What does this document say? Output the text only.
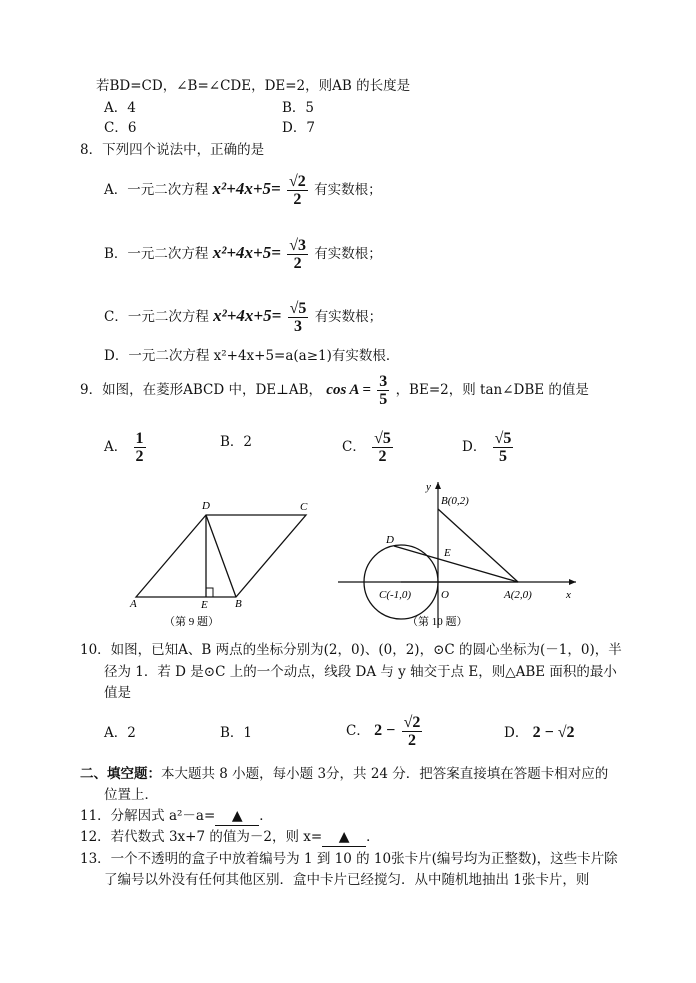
若BD=CD，∠B=∠CDE，DE=2，则AB 的长度是
A．4	B．5
C．6	D．7
8．下列四个说法中，正确的是
A．一元二次方程 $x^2+4x+5= \frac{√2}{2}$ 有实数根；
B．一元二次方程 $x^2+4x+5= \frac{√3}{2}$ 有实数根；
C．一元二次方程 $x^2+4x+5= \frac{√5}{3}$ 有实数根；
D．一元二次方程 x²+4x+5=a(a≥1)有实数根．
9．如图，在菱形ABCD 中，DE⊥AB， $\cos A = \frac{3}{5}$ ，BE=2，则 tan∠DBE 的值是
A． $\frac{1}{2}$	B．2	C． $\frac{√5}{2}$	D． $\frac{√5}{5}$
A	E B
D	C
（第 9 题）
y
B(0,2)
D
E
C(-1,0)	O	A(2,0)	x
（第 10 题）
10．如图，已知A、B 两点的坐标分别为(2，0)、(0，2)，⊙C 的圆心坐标为(－1，0)，半
径为 1．若 D 是⊙C 上的一个动点，线段 DA 与 y 轴交于点 E，则△ABE 面积的最小
值是
A．2	B．1	C． $2 - \frac{√2}{2}$	D． 2 − √2
二、填空题：本大题共 8 小题，每小题 3分，共 24 分．把答案直接填在答题卡相对应的
位置上．
11．分解因式 a²－a= ▲ ．
12．若代数式 3x+7 的值为－2，则 x= ▲ ．
13．一个不透明的盒子中放着编号为 1 到 10 的 10张卡片(编号均为正整数)，这些卡片除
了编号以外没有任何其他区别．盒中卡片已经搅匀．从中随机地抽出 1张卡片，则
